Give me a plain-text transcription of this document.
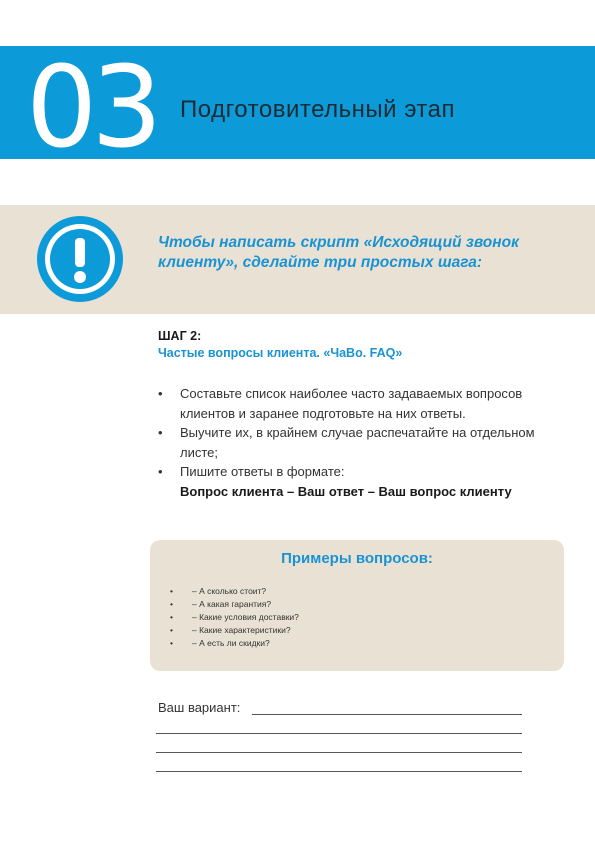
03 Подготовительный этап
Чтобы написать скрипт «Исходящий звонок клиенту», сделайте три простых шага:
ШАГ 2:
Частые вопросы клиента. «ЧаВо. FAQ»
• Составьте список наиболее часто задаваемых вопросов клиентов и заранее подготовьте на них ответы.
• Выучите их, в крайнем случае распечатайте на отдельном листе;
• Пишите ответы в формате:
Вопрос клиента – Ваш ответ – Ваш вопрос клиенту
Примеры вопросов:
• – А сколько стоит?
• – А какая гарантия?
• – Какие условия доставки?
• – Какие характеристики?
• – А есть ли скидки?
Ваш вариант:
